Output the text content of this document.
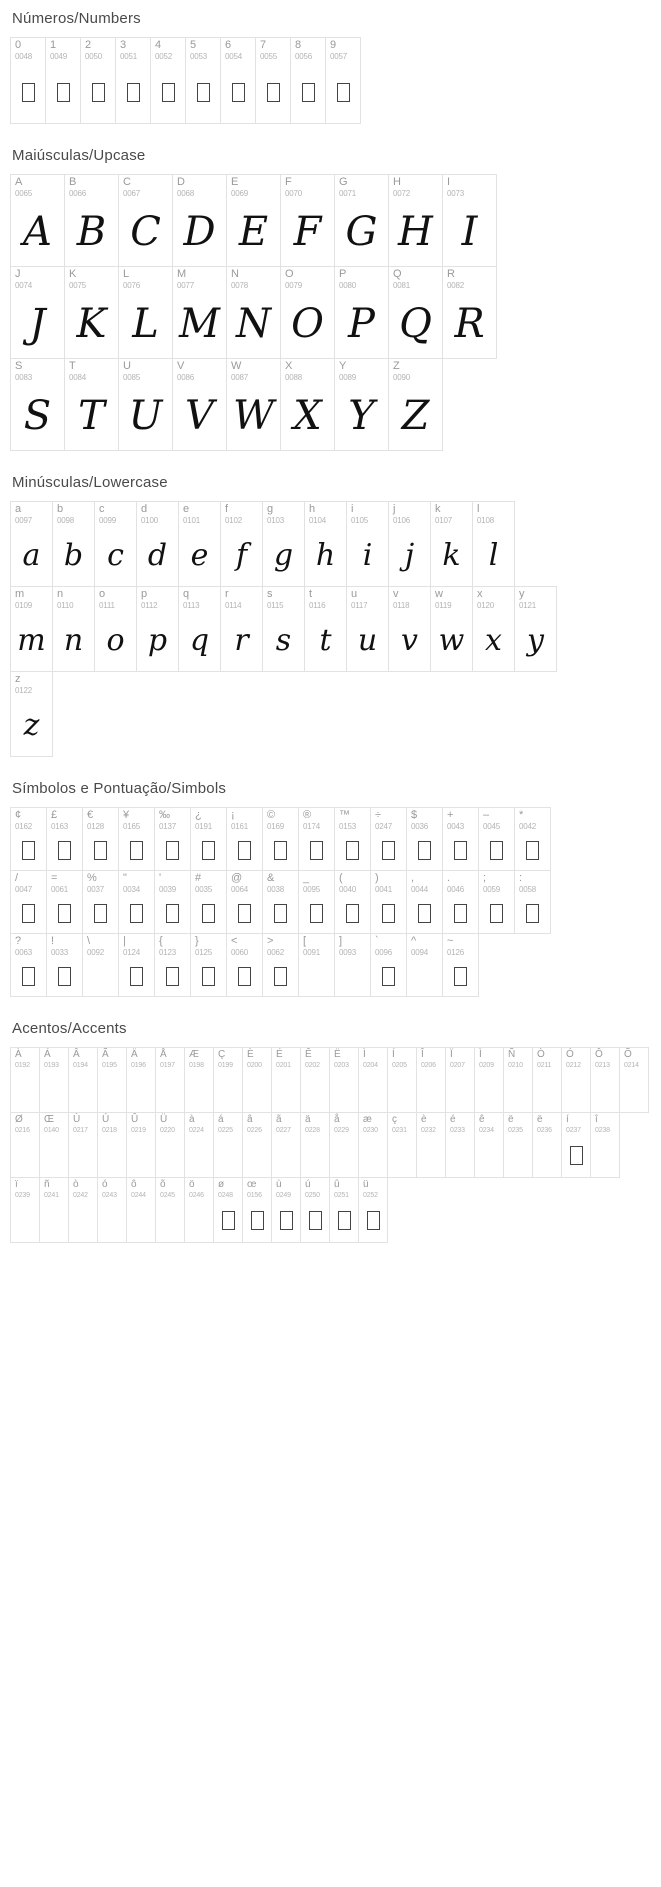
Números/Numbers
0
0048
1
0049
2
0050
3
0051
4
0052
5
0053
6
0054
7
0055
8
0056
9
0057
Maiúsculas/Upcase
A
0065
A
B
0066
B
C
0067
C
D
0068
D
E
0069
E
F
0070
F
G
0071
G
H
0072
H
I
0073
I
J
0074
J
K
0075
K
L
0076
L
M
0077
M
N
0078
N
O
0079
O
P
0080
P
Q
0081
Q
R
0082
R
S
0083
S
T
0084
T
U
0085
U
V
0086
V
W
0087
W
X
0088
X
Y
0089
Y
Z
0090
Z
Minúsculas/Lowercase
a
0097
a
b
0098
b
c
0099
c
d
0100
d
e
0101
e
f
0102
f
g
0103
g
h
0104
h
i
0105
i
j
0106
j
k
0107
k
l
0108
l
m
0109
m
n
0110
n
o
0111
o
p
0112
p
q
0113
q
r
0114
r
s
0115
s
t
0116
t
u
0117
u
v
0118
v
w
0119
w
x
0120
x
y
0121
y
z
0122
z
Símbolos e Pontuação/Simbols
¢
0162
£
0163
€
0128
¥
0165
‰
0137
¿
0191
¡
0161
©
0169
®
0174
™
0153
÷
0247
$
0036
+
0043
–
0045
*
0042
/
0047
=
0061
%
0037
"
0034
'
0039
#
0035
@
0064
&
0038
_
0095
(
0040
)
0041
,
0044
.
0046
;
0059
:
0058
?
0063
!
0033
\
0092
|
0124
{
0123
}
0125
<
0060
>
0062
[
0091
]
0093
`
0096
^
0094
~
0126
Acentos/Accents
À
0192
Á
0193
Â
0194
Ã
0195
Ä
0196
Å
0197
Æ
0198
Ç
0199
È
0200
É
0201
Ê
0202
Ë
0203
Ì
0204
Í
0205
Î
0206
Ï
0207
Ì
0209
Ñ
0210
Ò
0211
Ó
0212
Ô
0213
Õ
0214
Ø
0216
Œ
0140
Ù
0217
Ú
0218
Û
0219
Ü
0220
à
0224
á
0225
â
0226
ã
0227
ä
0228
å
0229
æ
0230
ç
0231
è
0232
é
0233
ê
0234
ë
0235
ë
0236
í
0237
î
0238
ï
0239
ñ
0241
ò
0242
ó
0243
ô
0244
õ
0245
ö
0246
ø
0248
œ
0156
ù
0249
ú
0250
û
0251
ü
0252
